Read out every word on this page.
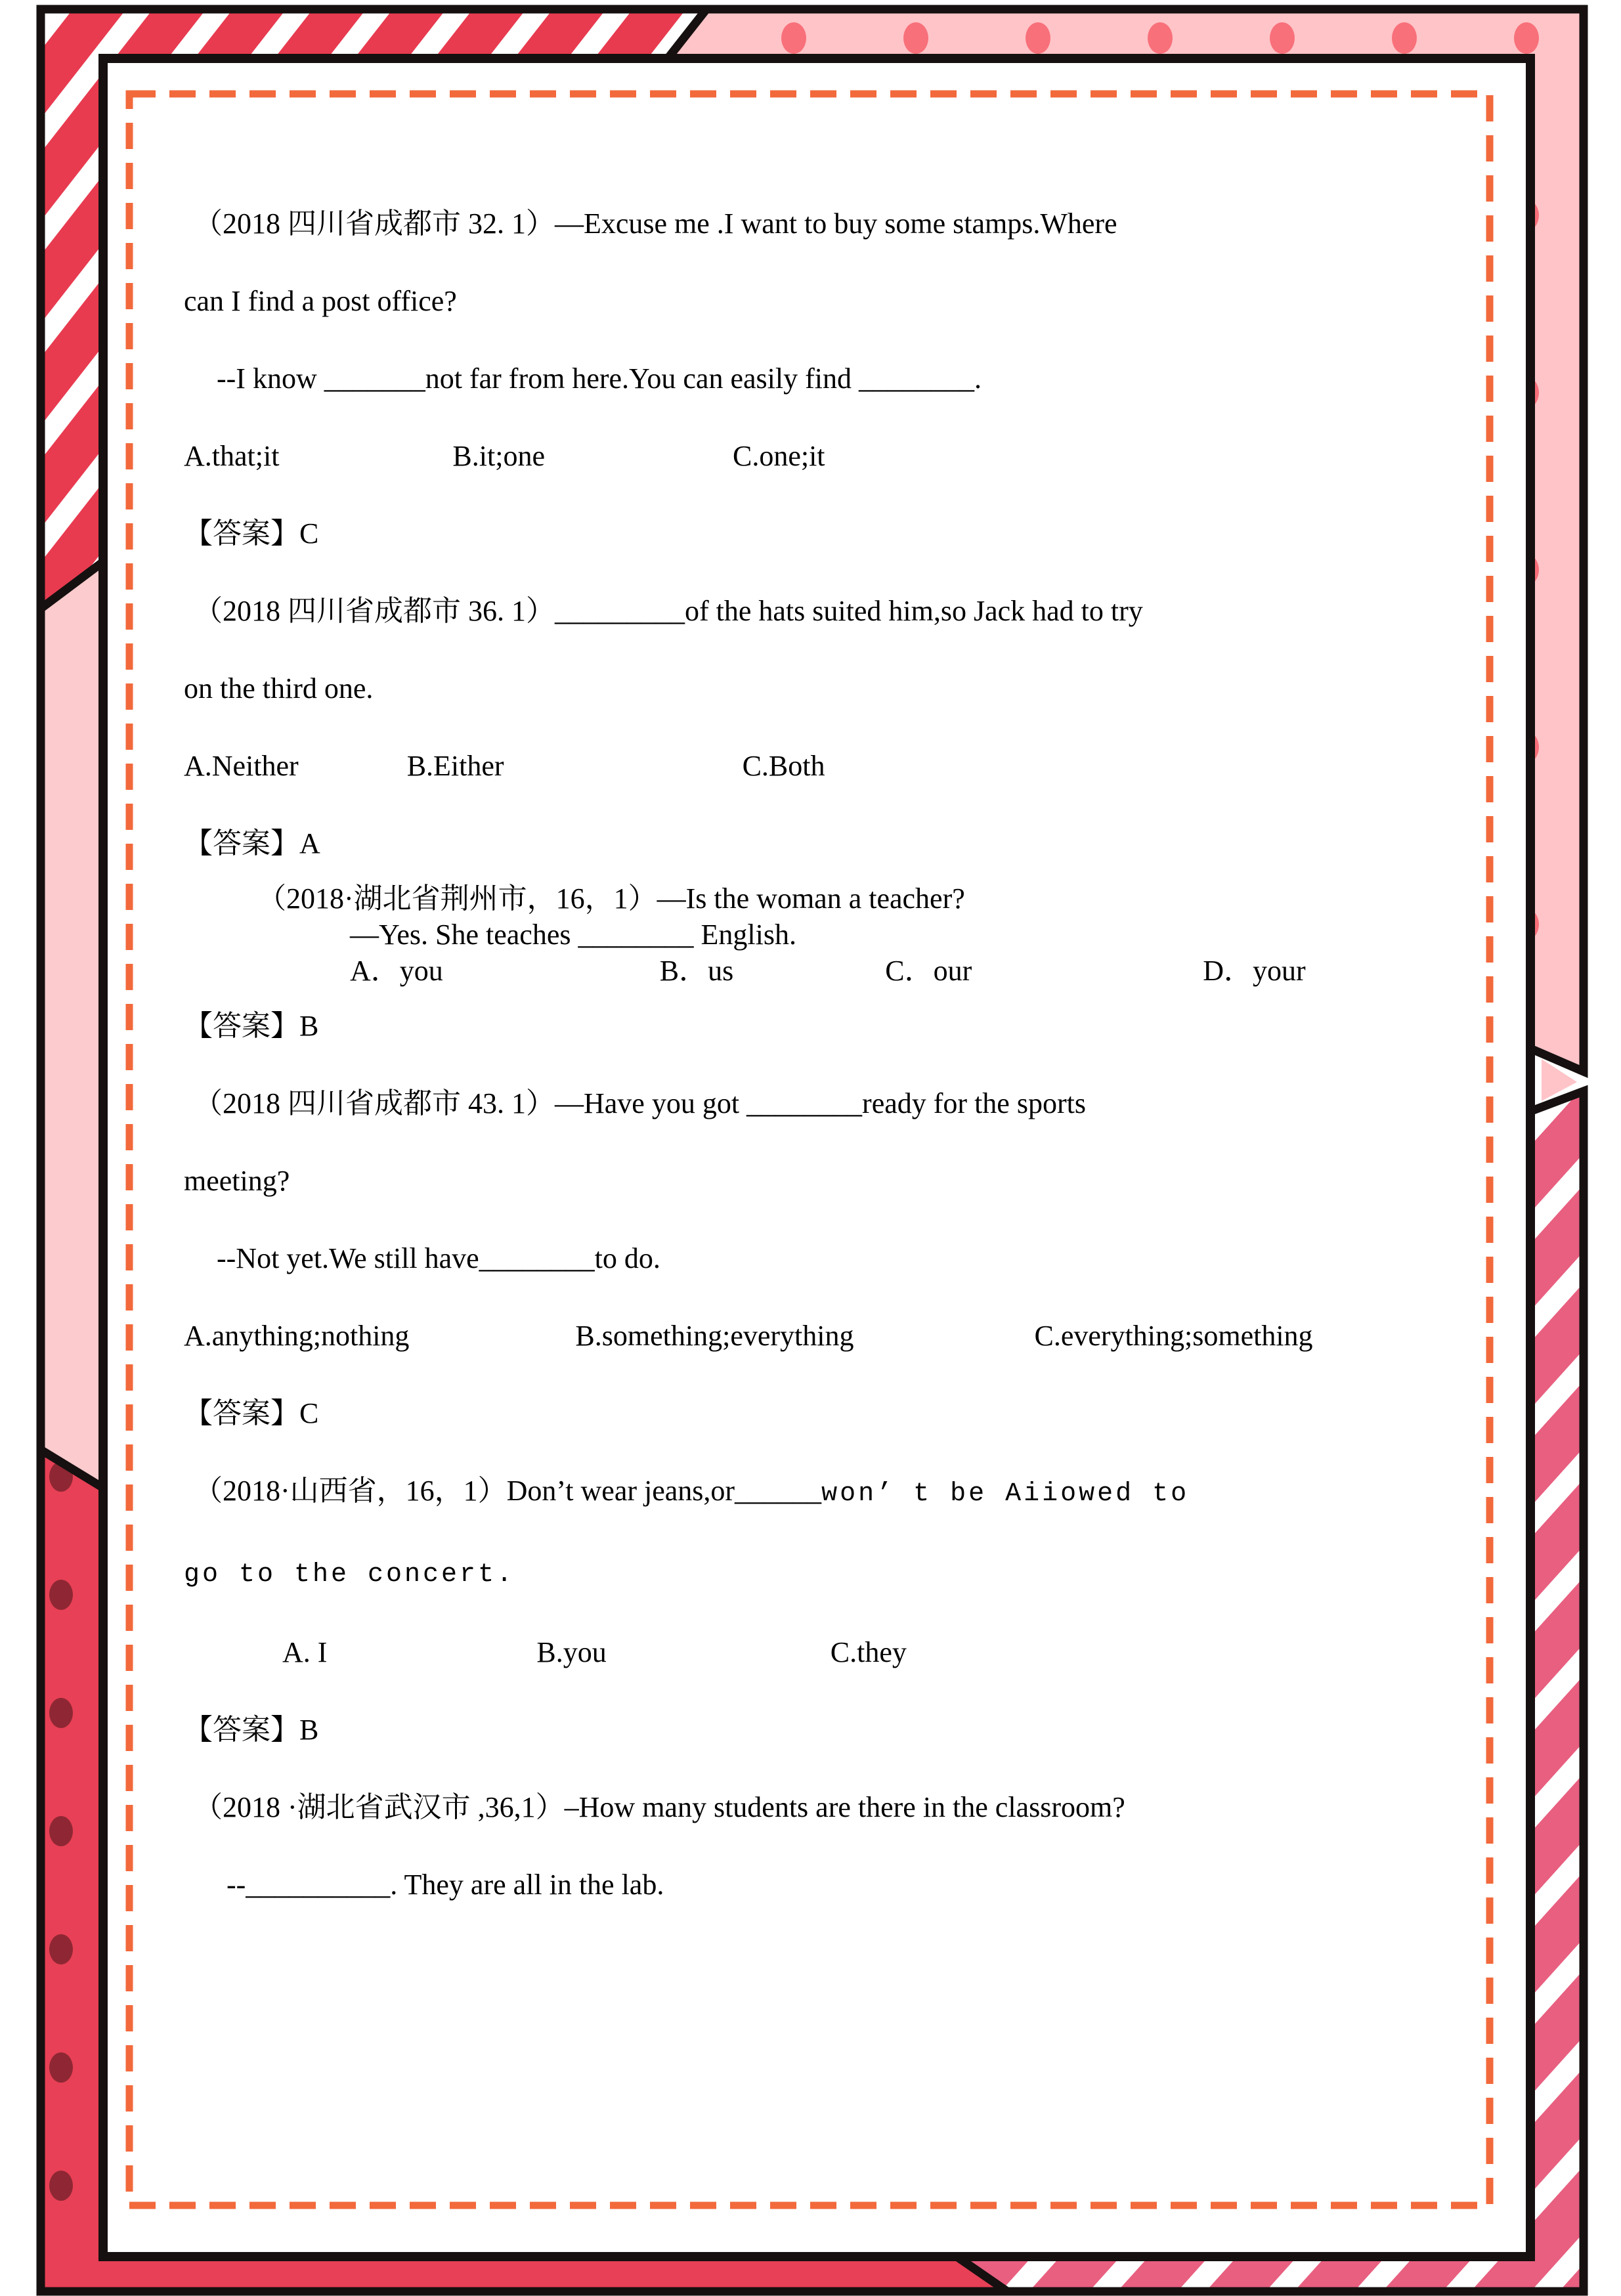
（2018 四川省成都市 32. 1）—Excuse me .I want to buy some stamps.Where
can I find a post office?
--I know _______not far from here.You can easily find ________.
A.that;it                        B.it;one                          C.one;it
【答案】C
（2018 四川省成都市 36. 1）_________of the hats suited him,so Jack had to try
on the third one.
A.Neither               B.Either                                 C.Both
【答案】A
（2018·湖北省荆州市，16，1）—Is the woman a teacher?
—Yes. She teaches ________ English.
A．you                              B．us                     C．our                                D．your
【答案】B
（2018 四川省成都市 43. 1）—Have you got ________ready for the sports
meeting?
--Not yet.We still have________to do.
A.anything;nothing                       B.something;everything                         C.everything;something
【答案】C
（2018·山西省，16，1）Don’t wear jeans,or______won’ t be Aiiowed to
go to the concert.
A. I                             B.you                               C.they
【答案】B
（2018 ·湖北省武汉市 ,36,1）–How many students are there in the classroom?
--__________. They are all in the lab.
